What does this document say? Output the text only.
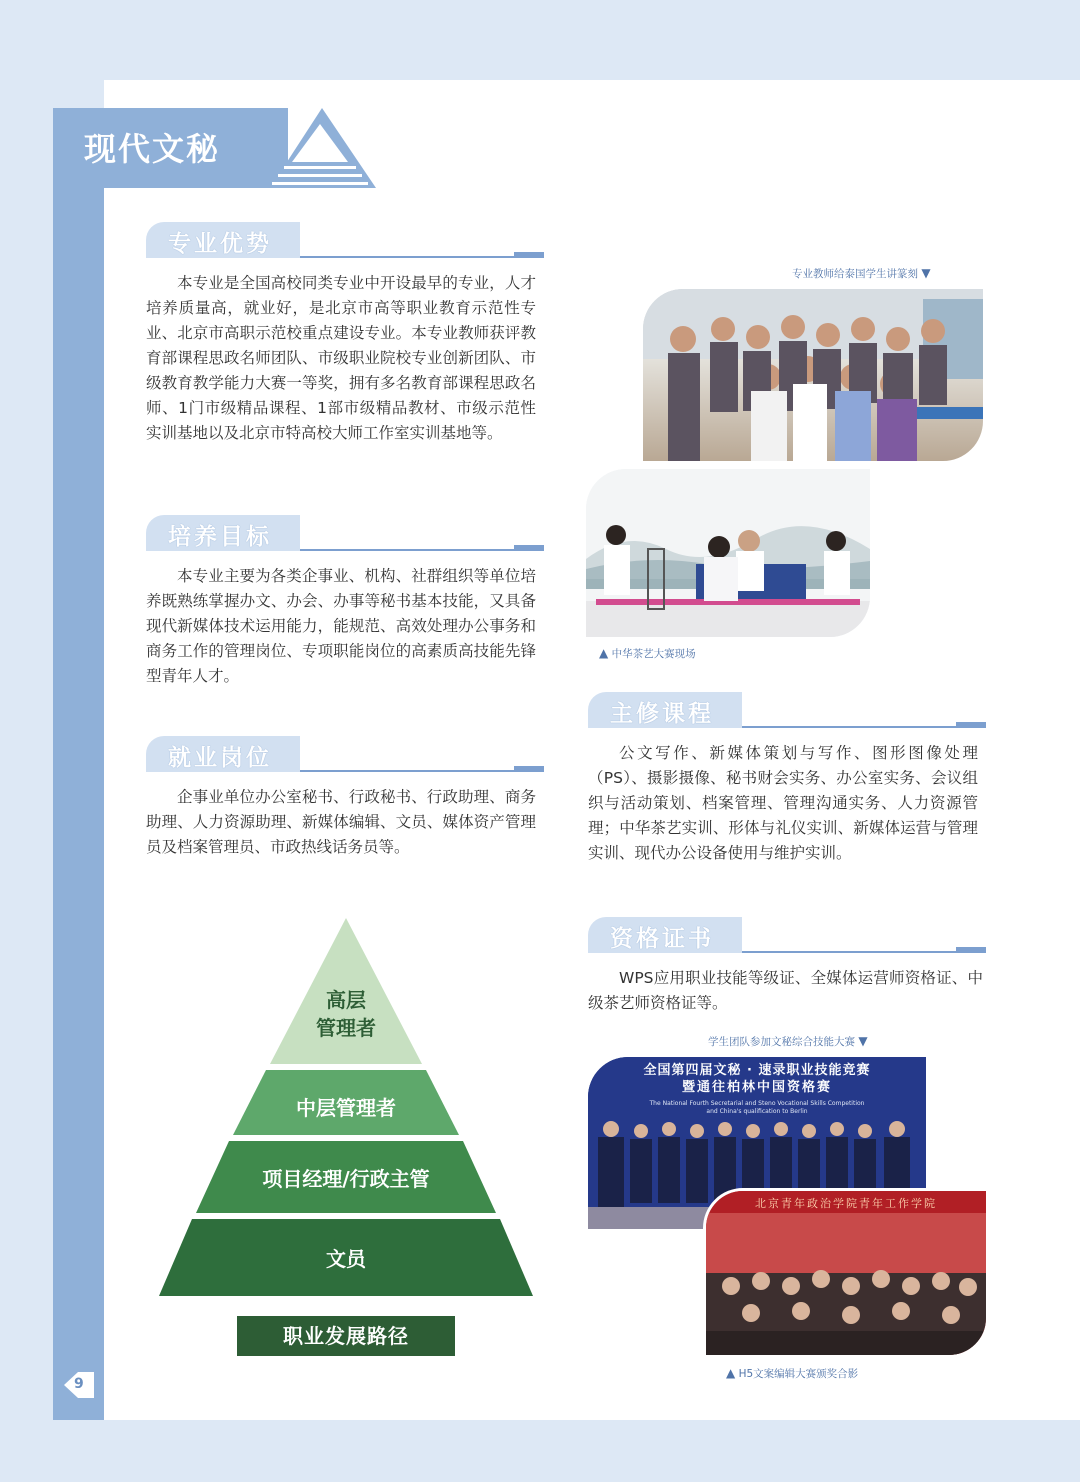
现代文秘
专业优势

本专业是全国高校同类专业中开设最早的专业，人才培养质量高，就业好，是北京市高等职业教育示范性专业、北京市高职示范校重点建设专业。本专业教师获评教育部课程思政名师团队、市级职业院校专业创新团队、市级教育教学能力大赛一等奖，拥有多名教育部课程思政名师、1门市级精品课程、1部市级精品教材、市级示范性实训基地以及北京市特高校大师工作室实训基地等。

培养目标

本专业主要为各类企事业、机构、社群组织等单位培养既熟练掌握办文、办会、办事等秘书基本技能，又具备现代新媒体技术运用能力，能规范、高效处理办公事务和商务工作的管理岗位、专项职能岗位的高素质高技能先锋型青年人才。

就业岗位

企事业单位办公室秘书、行政秘书、行政助理、商务助理、人力资源助理、新媒体编辑、文员、媒体资产管理员及档案管理员、市政热线话务员等。

专业教师给泰国学生讲篆刻 ▼
▲ 中华茶艺大赛现场
主修课程

公文写作、新媒体策划与写作、图形图像处理（PS）、摄影摄像、秘书财会实务、办公室实务、会议组织与活动策划、档案管理、管理沟通实务、人力资源管理；中华茶艺实训、形体与礼仪实训、新媒体运营与管理实训、现代办公设备使用与维护实训。

资格证书

WPS应用职业技能等级证、全媒体运营师资格证、中级茶艺师资格证等。

学生团队参加文秘综合技能大赛 ▼
全国第四届文秘 · 速录职业技能竞赛
暨通往柏林中国资格赛
The National Fourth Secretarial and Steno Vocational Skills Competition
and China's qualification to Berlin
北京青年政治学院青年工作学院
▲ H5文案编辑大赛颁奖合影
高层
管理者
中层管理者
项目经理/行政主管
文员
职业发展路径
9
